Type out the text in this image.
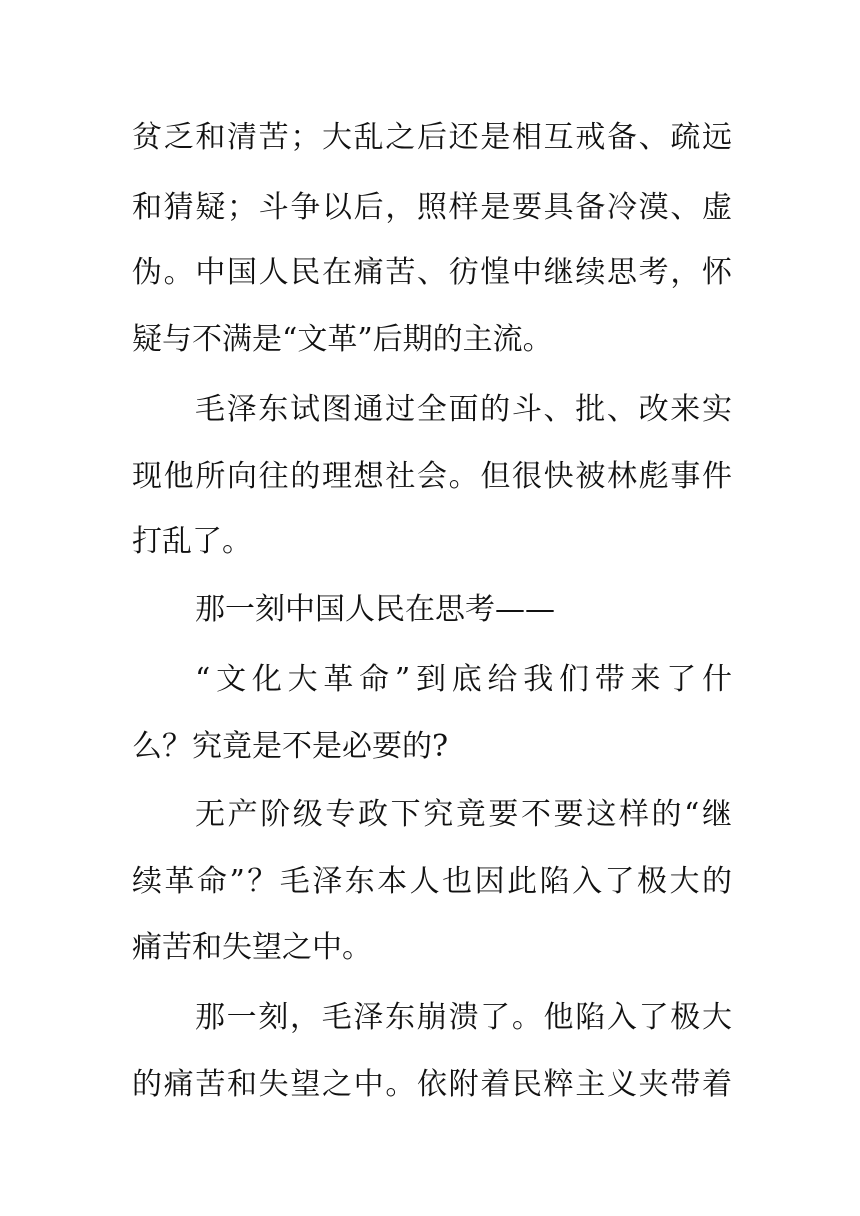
贫乏和清苦；大乱之后还是相互戒备、疏远
和猜疑；斗争以后，照样是要具备冷漠、虚
伪。中国人民在痛苦、彷惶中继续思考，怀
疑与不满是“文革”后期的主流。
毛泽东试图通过全面的斗、批、改来实
现他所向往的理想社会。但很快被林彪事件
打乱了。
那一刻中国人民在思考——
“文化大革命”到底给我们带来了什
么？究竟是不是必要的?
无产阶级专政下究竟要不要这样的“继
续革命”？毛泽东本人也因此陷入了极大的
痛苦和失望之中。
那一刻，毛泽东崩溃了。他陷入了极大
的痛苦和失望之中。依附着民粹主义夹带着
